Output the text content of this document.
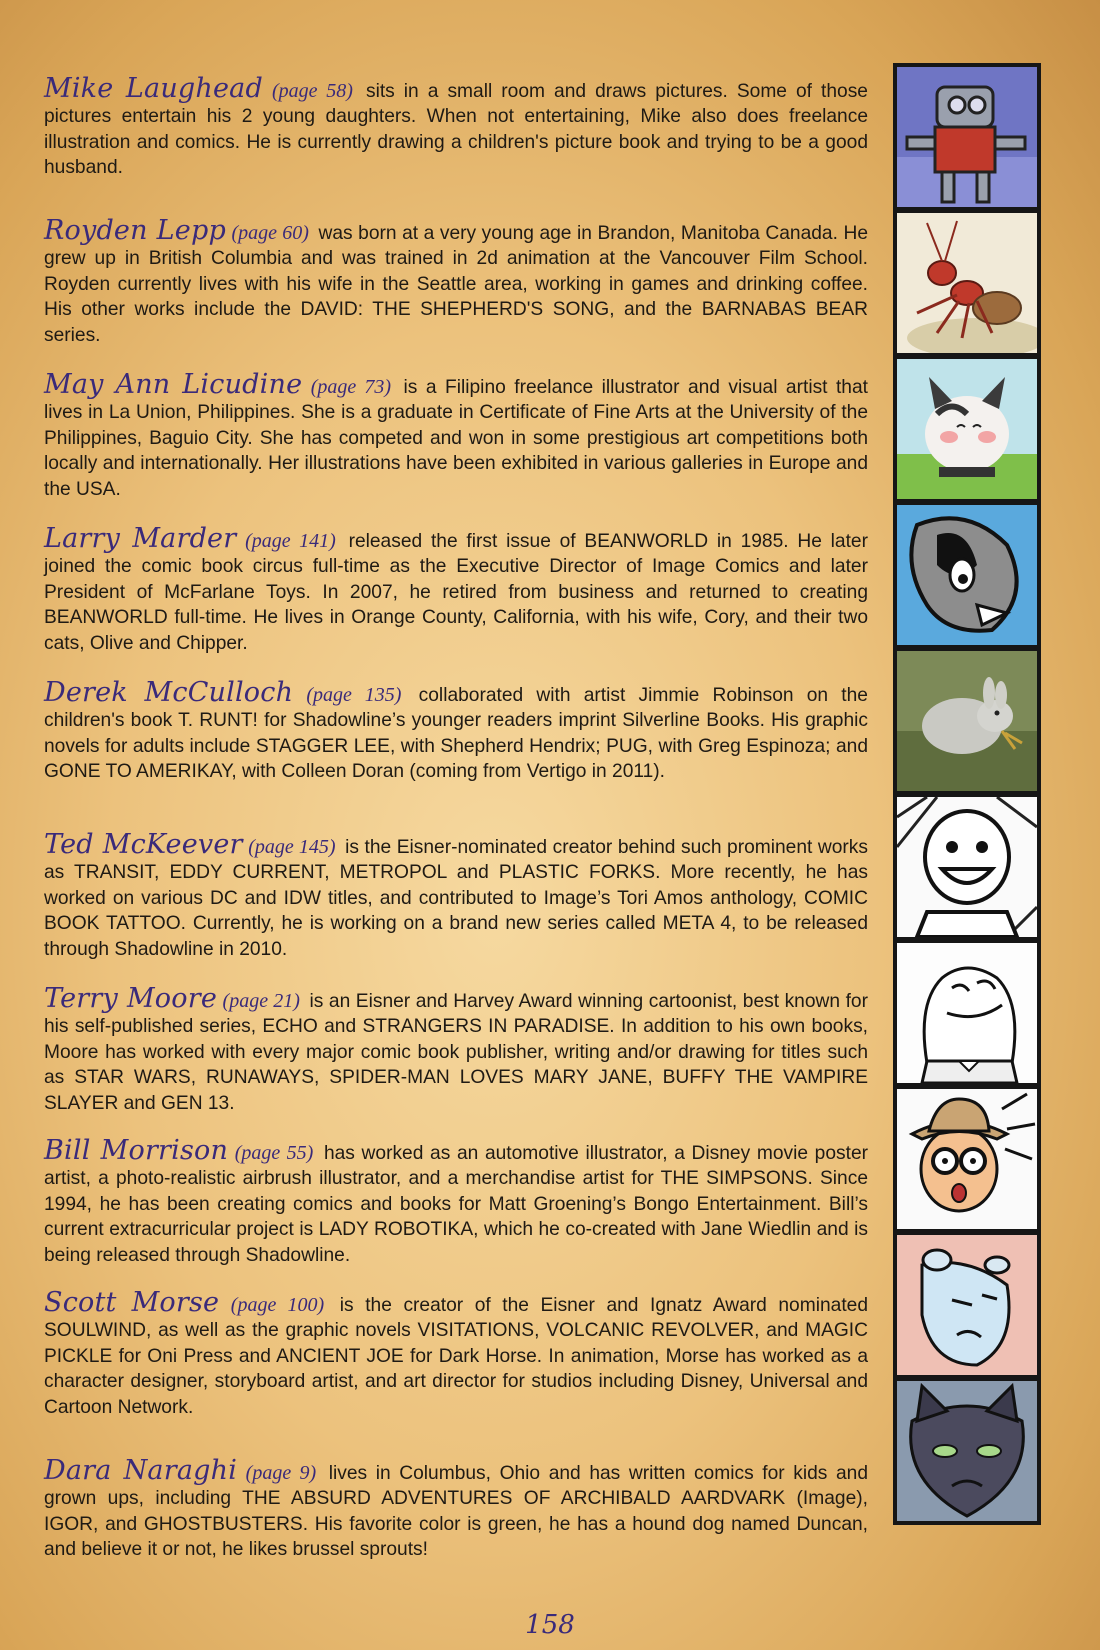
Mike Laughead (page 58) sits in a small room and draws pictures. Some of those pictures entertain his 2 young daughters. When not entertaining, Mike also does freelance illustration and comics. He is currently drawing a children's picture book and trying to be a good husband.
Royden Lepp (page 60) was born at a very young age in Brandon, Manitoba Canada. He grew up in British Columbia and was trained in 2d animation at the Vancouver Film School. Royden currently lives with his wife in the Seattle area, working in games and drinking coffee. His other works include the DAVID: THE SHEPHERD'S SONG, and the BARNABAS BEAR series.
May Ann Licudine (page 73) is a Filipino freelance illustrator and visual artist that lives in La Union, Philippines. She is a graduate in Certificate of Fine Arts at the University of the Philippines, Baguio City. She has competed and won in some prestigious art competitions both locally and internationally. Her illustrations have been exhibited in various galleries in Europe and the USA.
Larry Marder (page 141) released the first issue of BEANWORLD in 1985. He later joined the comic book circus full-time as the Executive Director of Image Comics and later President of McFarlane Toys. In 2007, he retired from business and returned to creating BEANWORLD full-time. He lives in Orange County, California, with his wife, Cory, and their two cats, Olive and Chipper.
Derek McCulloch (page 135) collaborated with artist Jimmie Robinson on the children's book T. RUNT! for Shadowline’s younger readers imprint Silverline Books. His graphic novels for adults include STAGGER LEE, with Shepherd Hendrix; PUG, with Greg Espinoza; and GONE TO AMERIKAY, with Colleen Doran (coming from Vertigo in 2011).
Ted McKeever (page 145) is the Eisner-nominated creator behind such prominent works as TRANSIT, EDDY CURRENT, METROPOL and PLASTIC FORKS. More recently, he has worked on various DC and IDW titles, and contributed to Image’s Tori Amos anthology, COMIC BOOK TATTOO. Currently, he is working on a brand new series called META 4, to be released through Shadowline in 2010.
Terry Moore (page 21) is an Eisner and Harvey Award winning cartoonist, best known for his self-published series, ECHO and STRANGERS IN PARADISE. In addition to his own books, Moore has worked with every major comic book publisher, writing and/or drawing for titles such as STAR WARS, RUNAWAYS, SPIDER-MAN LOVES MARY JANE, BUFFY THE VAMPIRE SLAYER and GEN 13.
Bill Morrison (page 55) has worked as an automotive illustrator, a Disney movie poster artist, a photo-realistic airbrush illustrator, and a merchandise artist for THE SIMPSONS. Since 1994, he has been creating comics and books for Matt Groening’s Bongo Entertainment. Bill’s current extracurricular project is LADY ROBOTIKA, which he co-created with Jane Wiedlin and is being released through Shadowline.
Scott Morse (page 100) is the creator of the Eisner and Ignatz Award nominated SOULWIND, as well as the graphic novels VISITATIONS, VOLCANIC REVOLVER, and MAGIC PICKLE for Oni Press and ANCIENT JOE for Dark Horse. In animation, Morse has worked as a character designer, storyboard artist, and art director for studios including Disney, Universal and Cartoon Network.
Dara Naraghi (page 9) lives in Columbus, Ohio and has written comics for kids and grown ups, including THE ABSURD ADVENTURES OF ARCHIBALD AARDVARK (Image), IGOR, and GHOSTBUSTERS. His favorite color is green, he has a hound dog named Duncan, and believe it or not, he likes brussel sprouts!
158
